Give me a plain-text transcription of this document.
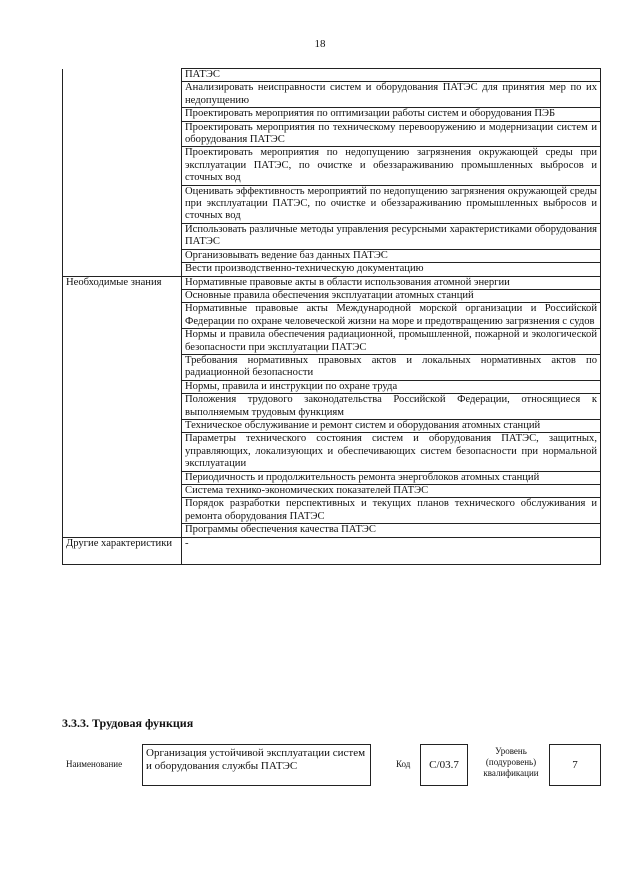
18
	ПАТЭС
	Анализировать неисправности систем и оборудования ПАТЭС для принятия мер по их недопущению
	Проектировать мероприятия по оптимизации работы систем и оборудования ПЭБ
	Проектировать мероприятия по техническому перевооружению и модернизации систем и оборудования ПАТЭС
	Проектировать мероприятия по недопущению загрязнения окружающей среды при эксплуатации ПАТЭС, по очистке и обеззараживанию промышленных выбросов и сточных вод
	Оценивать эффективность мероприятий по недопущению загрязнения окружающей среды при эксплуатации ПАТЭС, по очистке и обеззараживанию промышленных выбросов и сточных вод
	Использовать различные методы управления ресурсными характеристиками оборудования ПАТЭС
	Организовывать ведение баз данных ПАТЭС
	Вести производственно-техническую документацию
Необходимые знания	Нормативные правовые акты в области использования атомной энергии
	Основные правила обеспечения эксплуатации атомных станций
	Нормативные правовые акты Международной морской организации и Российской Федерации по охране человеческой жизни на море и предотвращению загрязнения с судов
	Нормы и правила обеспечения радиационной, промышленной, пожарной и экологической безопасности при эксплуатации ПАТЭС
	Требования нормативных правовых актов и локальных нормативных актов по радиационной безопасности
	Нормы, правила и инструкции по охране труда
	Положения трудового законодательства Российской Федерации, относящиеся к выполняемым трудовым функциям
	Техническое обслуживание и ремонт систем и оборудования атомных станций
	Параметры технического состояния систем и оборудования ПАТЭС, защитных, управляющих, локализующих и обеспечивающих систем безопасности при нормальной эксплуатации
	Периодичность и продолжительность ремонта энергоблоков атомных станций
	Система технико-экономических показателей ПАТЭС
	Порядок разработки перспективных и текущих планов технического обслуживания и ремонта оборудования ПАТЭС
	Программы обеспечения качества ПАТЭС
Другие характеристики	-
3.3.3. Трудовая функция
Наименование
Организация устойчивой эксплуатации систем и оборудования службы ПАТЭС	Код	C/03.7
Уровень (подуровень) квалификации
7
